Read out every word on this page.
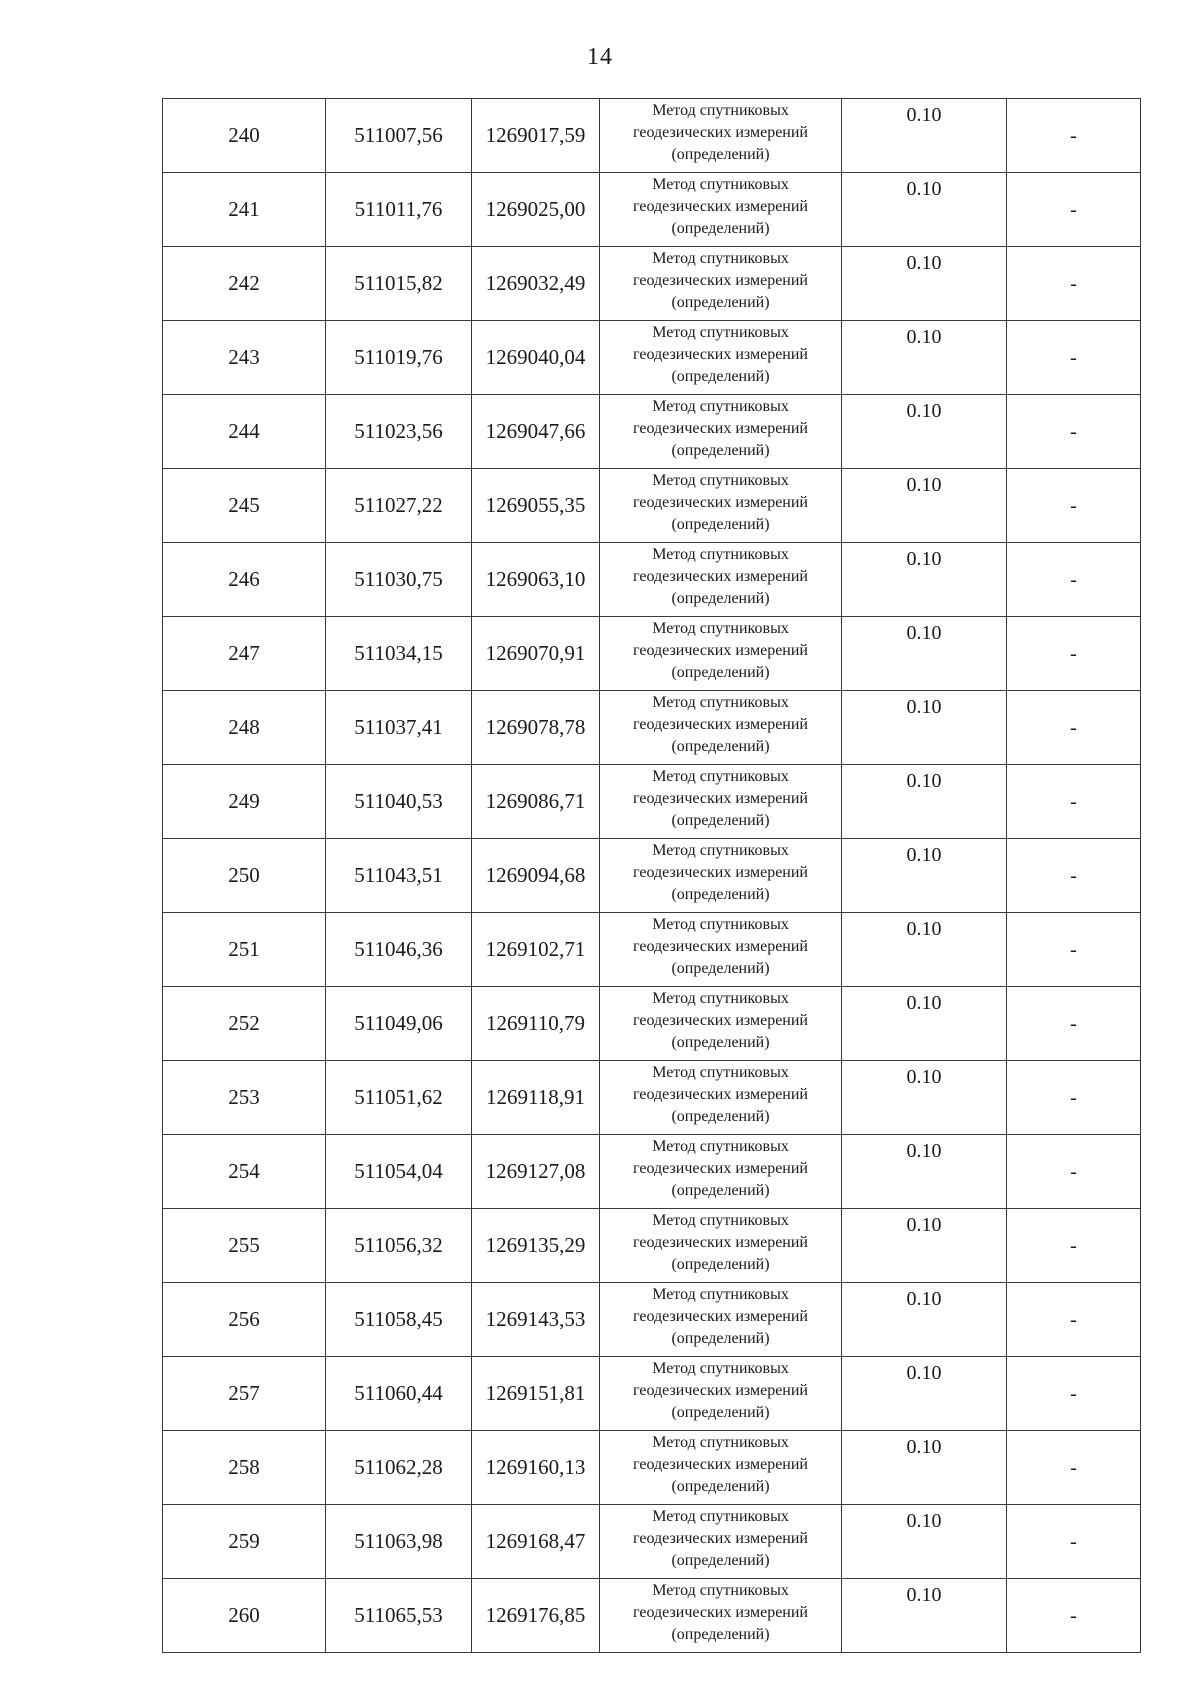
14
240	511007,56	1269017,59	Метод спутниковых
геодезических измерений
(определений)	0.10	-
241	511011,76	1269025,00	Метод спутниковых
геодезических измерений
(определений)	0.10	-
242	511015,82	1269032,49	Метод спутниковых
геодезических измерений
(определений)	0.10	-
243	511019,76	1269040,04	Метод спутниковых
геодезических измерений
(определений)	0.10	-
244	511023,56	1269047,66	Метод спутниковых
геодезических измерений
(определений)	0.10	-
245	511027,22	1269055,35	Метод спутниковых
геодезических измерений
(определений)	0.10	-
246	511030,75	1269063,10	Метод спутниковых
геодезических измерений
(определений)	0.10	-
247	511034,15	1269070,91	Метод спутниковых
геодезических измерений
(определений)	0.10	-
248	511037,41	1269078,78	Метод спутниковых
геодезических измерений
(определений)	0.10	-
249	511040,53	1269086,71	Метод спутниковых
геодезических измерений
(определений)	0.10	-
250	511043,51	1269094,68	Метод спутниковых
геодезических измерений
(определений)	0.10	-
251	511046,36	1269102,71	Метод спутниковых
геодезических измерений
(определений)	0.10	-
252	511049,06	1269110,79	Метод спутниковых
геодезических измерений
(определений)	0.10	-
253	511051,62	1269118,91	Метод спутниковых
геодезических измерений
(определений)	0.10	-
254	511054,04	1269127,08	Метод спутниковых
геодезических измерений
(определений)	0.10	-
255	511056,32	1269135,29	Метод спутниковых
геодезических измерений
(определений)	0.10	-
256	511058,45	1269143,53	Метод спутниковых
геодезических измерений
(определений)	0.10	-
257	511060,44	1269151,81	Метод спутниковых
геодезических измерений
(определений)	0.10	-
258	511062,28	1269160,13	Метод спутниковых
геодезических измерений
(определений)	0.10	-
259	511063,98	1269168,47	Метод спутниковых
геодезических измерений
(определений)	0.10	-
260	511065,53	1269176,85	Метод спутниковых
геодезических измерений
(определений)	0.10	-
